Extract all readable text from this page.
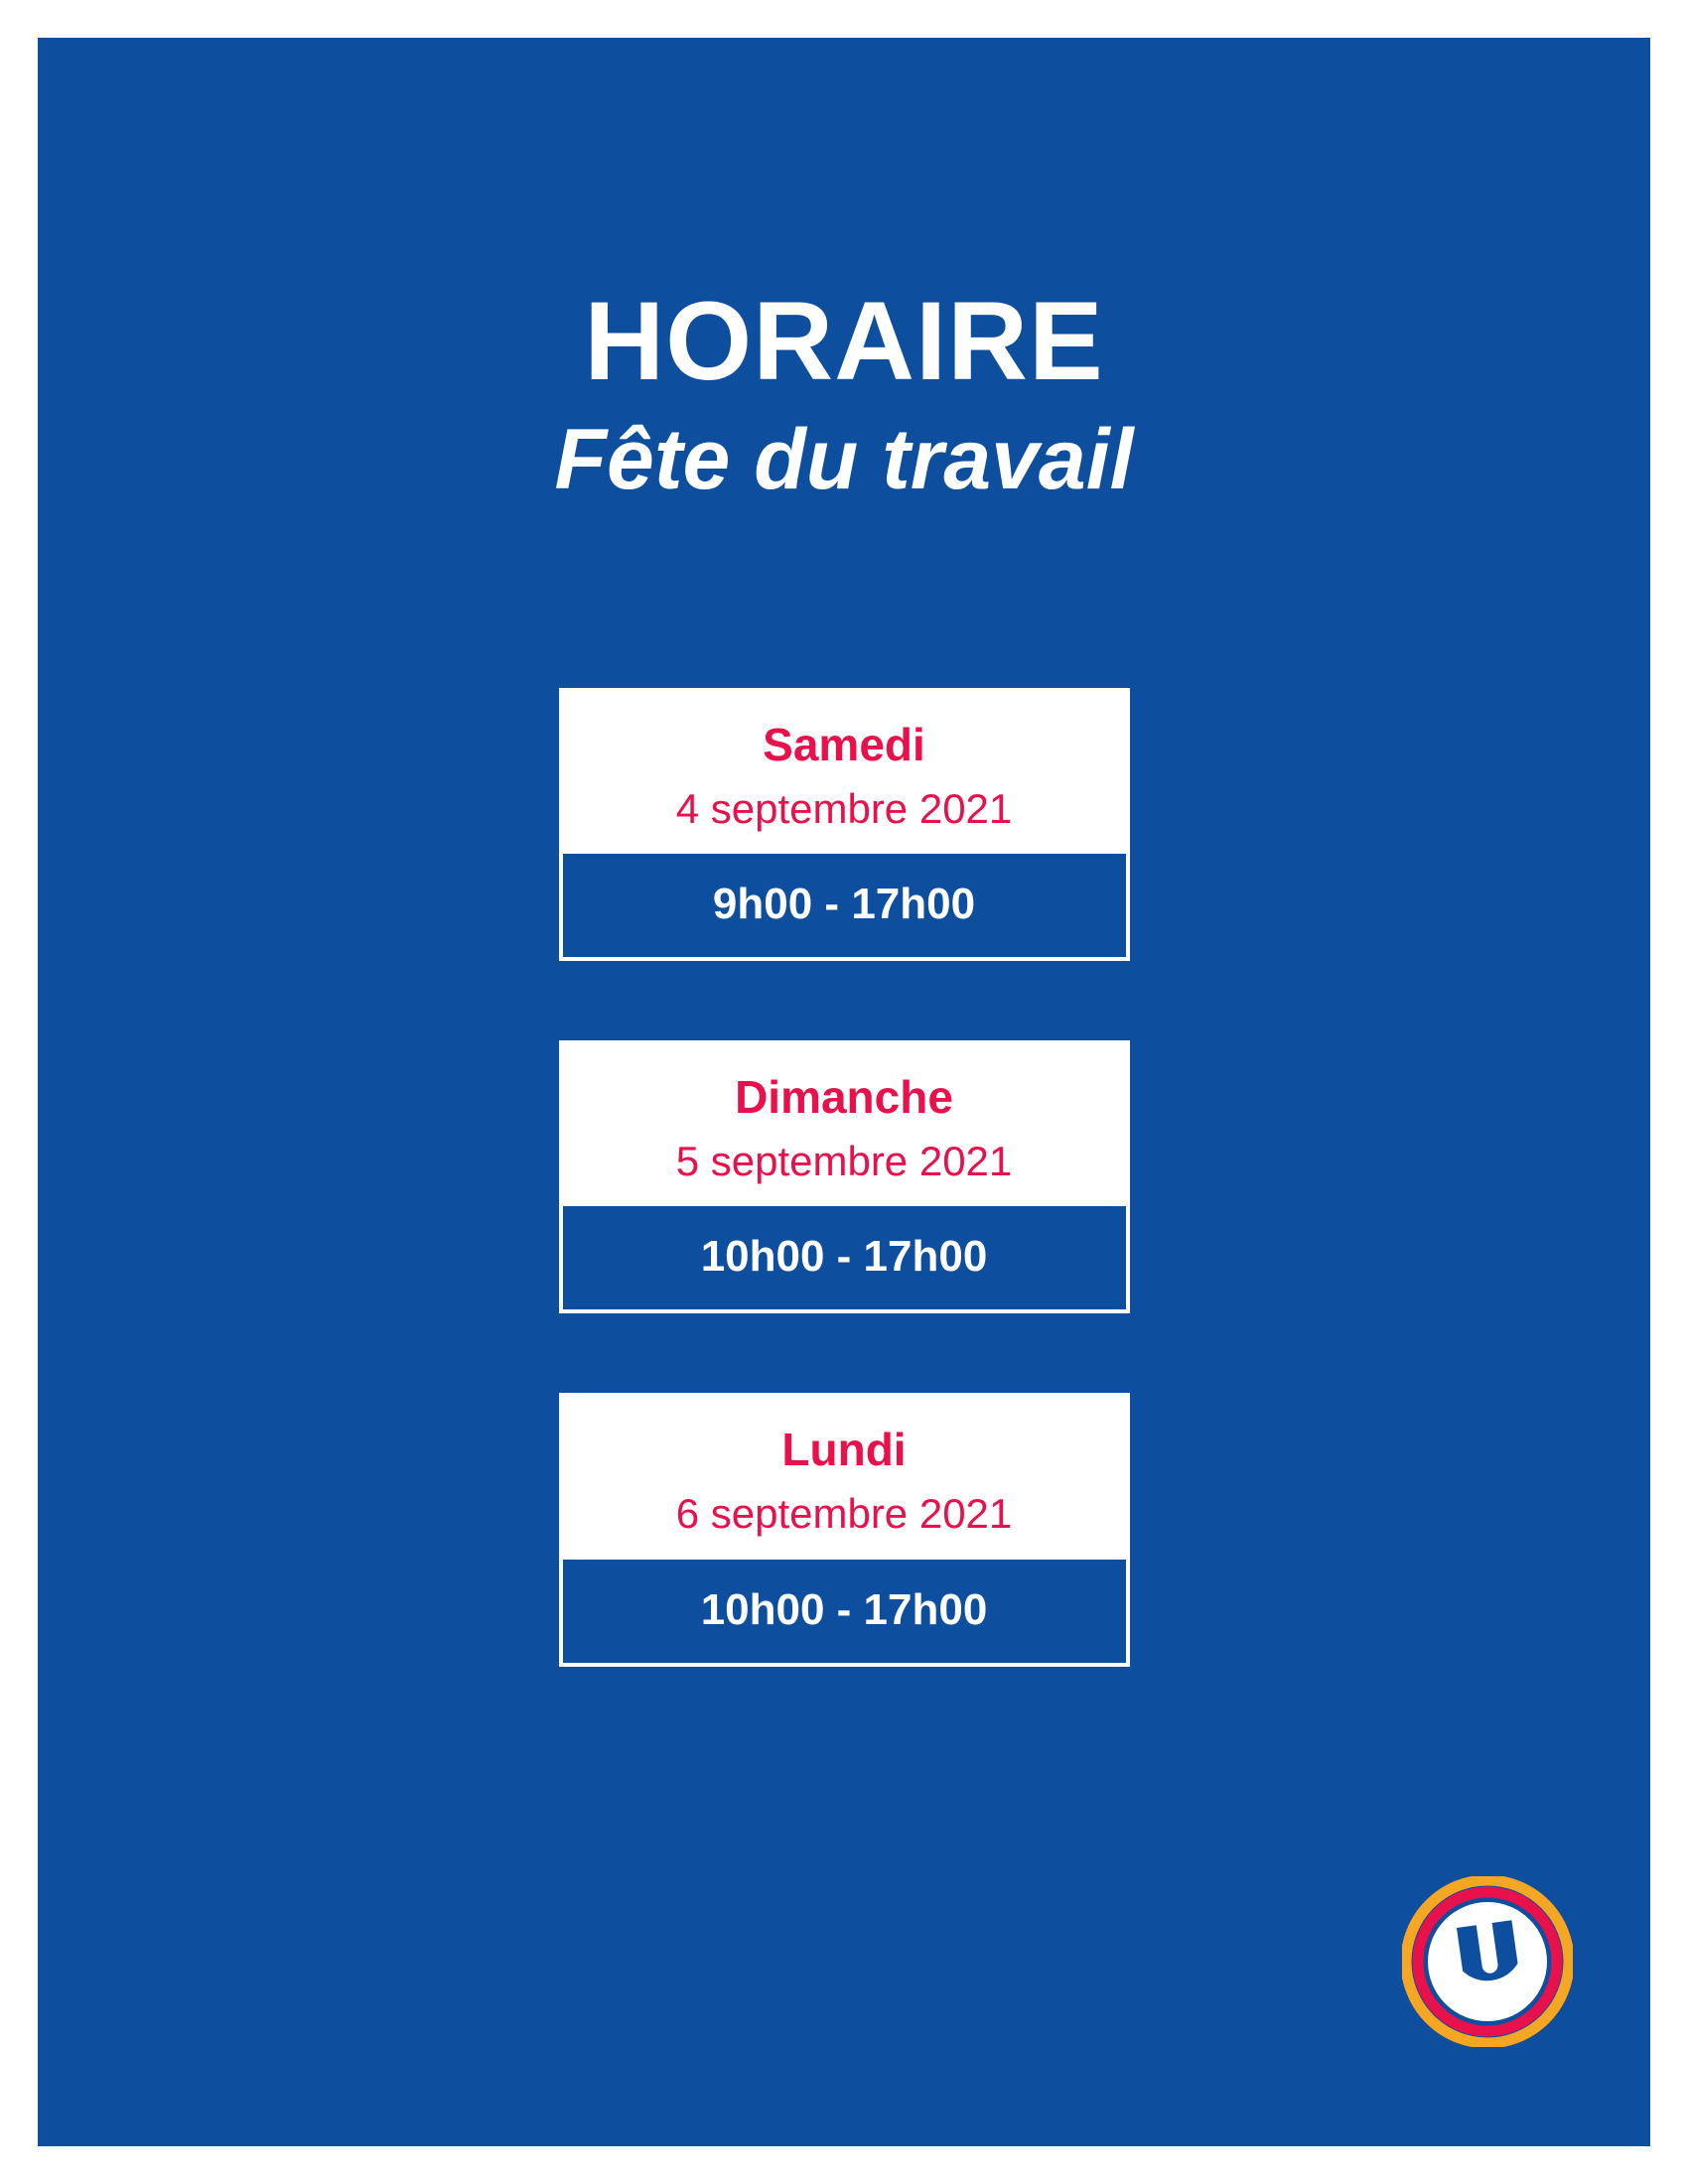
HORAIRE
Fête du travail
Samedi
4 septembre 2021
9h00 - 17h00
Dimanche
5 septembre 2021
10h00 - 17h00
Lundi
6 septembre 2021
10h00 - 17h00
